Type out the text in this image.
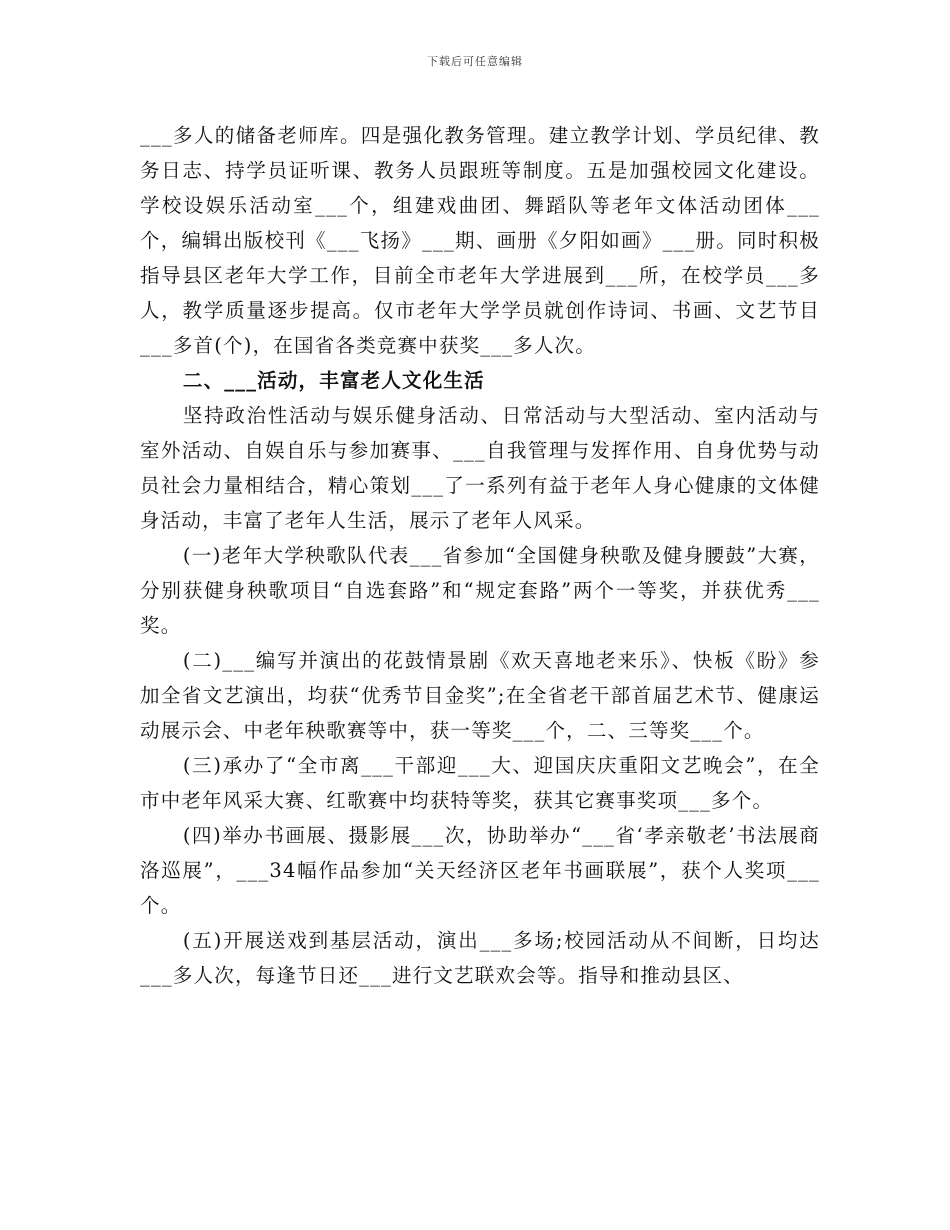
下载后可任意编辑

___多人的储备老师库。四是强化教务管理。建立教学计划、学员纪律、教务日志、持学员证听课、教务人员跟班等制度。五是加强校园文化建设。学校设娱乐活动室___个，组建戏曲团、舞蹈队等老年文体活动团体___个，编辑出版校刊《___飞扬》___期、画册《夕阳如画》___册。同时积极指导县区老年大学工作，目前全市老年大学进展到___所，在校学员___多人，教学质量逐步提高。仅市老年大学学员就创作诗词、书画、文艺节目___多首(个)，在国省各类竞赛中获奖___多人次。

二、___活动，丰富老人文化生活

坚持政治性活动与娱乐健身活动、日常活动与大型活动、室内活动与室外活动、自娱自乐与参加赛事、___自我管理与发挥作用、自身优势与动员社会力量相结合，精心策划___了一系列有益于老年人身心健康的文体健身活动，丰富了老年人生活，展示了老年人风采。

(一)老年大学秧歌队代表___省参加“全国健身秧歌及健身腰鼓”大赛，分别获健身秧歌项目“自选套路”和“规定套路”两个一等奖，并获优秀___奖。

(二)___编写并演出的花鼓情景剧《欢天喜地老来乐》、快板《盼》参加全省文艺演出，均获“优秀节目金奖”;在全省老干部首届艺术节、健康运动展示会、中老年秧歌赛等中，获一等奖___个，二、三等奖___个。

(三)承办了“全市离___干部迎___大、迎国庆庆重阳文艺晚会”，在全市中老年风采大赛、红歌赛中均获特等奖，获其它赛事奖项___多个。

(四)举办书画展、摄影展___次，协助举办“___省‘孝亲敬老’书法展商洛巡展”，___34幅作品参加“关天经济区老年书画联展”，获个人奖项___个。

(五)开展送戏到基层活动，演出___多场;校园活动从不间断，日均达___多人次，每逢节日还___进行文艺联欢会等。指导和推动县区、
